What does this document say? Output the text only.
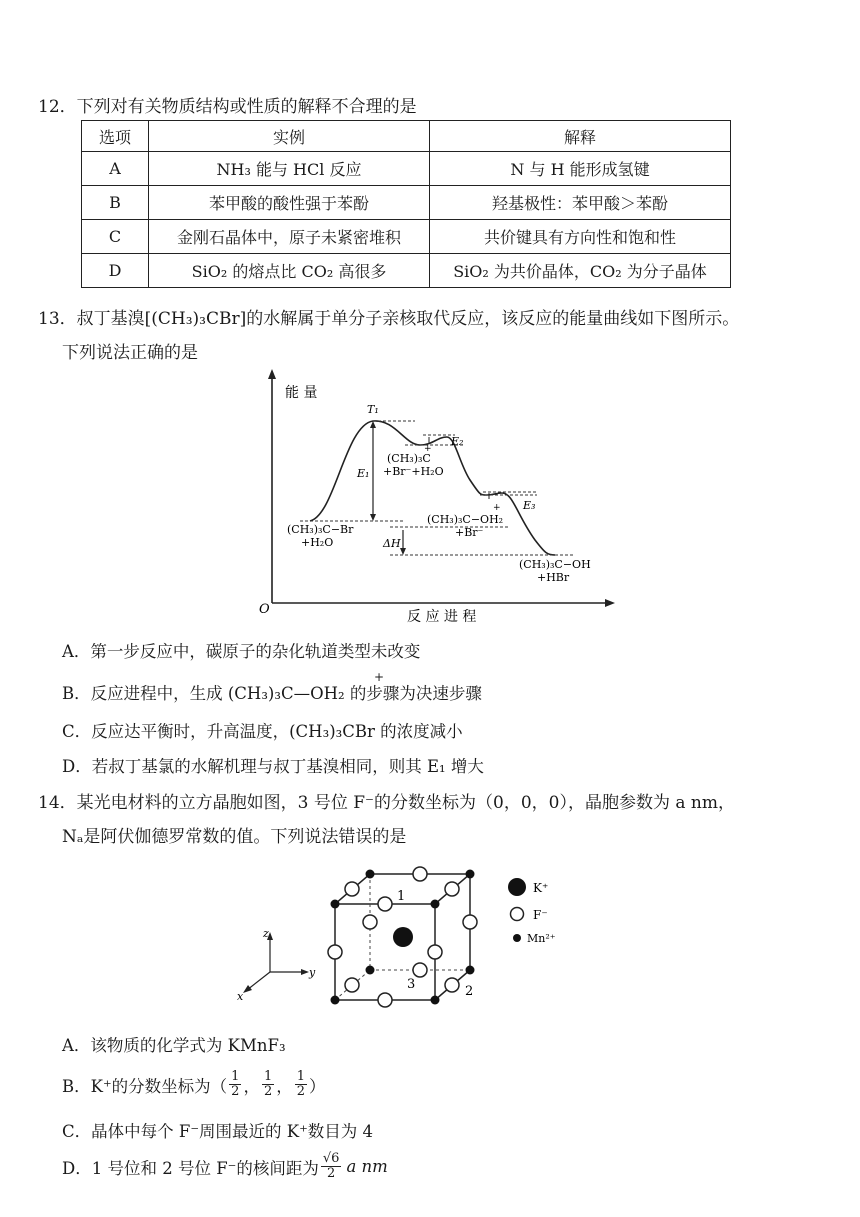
12．下列对有关物质结构或性质的解释不合理的是
选项	实例	解释
A	NH₃ 能与 HCl 反应	N 与 H 能形成氢键
B	苯甲酸的酸性强于苯酚	羟基极性：苯甲酸＞苯酚
C	金刚石晶体中，原子未紧密堆积	共价键具有方向性和饱和性
D	SiO₂ 的熔点比 CO₂ 高很多	SiO₂ 为共价晶体，CO₂ 为分子晶体
13．叔丁基溴[(CH₃)₃CBr]的水解属于单分子亲核取代反应，该反应的能量曲线如下图所示。
下列说法正确的是
能 量
反 应 进 程
O
T₁
E₁
E₂
E₃
ΔH
(CH₃)₃C−Br
+H₂O
+
(CH₃)₃C
+Br⁻+H₂O
+
(CH₃)₃C−OH₂
+Br⁻
(CH₃)₃C−OH
+HBr
A．第一步反应中，碳原子的杂化轨道类型未改变
B．反应进程中，生成 (CH₃)₃C—OH₂ 的步骤为决速步骤
+
C．反应达平衡时，升高温度，(CH₃)₃CBr 的浓度减小
D．若叔丁基氯的水解机理与叔丁基溴相同，则其 E₁ 增大
14．某光电材料的立方晶胞如图，3 号位 F⁻的分数坐标为（0，0，0），晶胞参数为 a nm，
Nₐ是阿伏伽德罗常数的值。下列说法错误的是
z
y
x
1
2
3
K⁺
F⁻
Mn²⁺
A．该物质的化学式为 KMnF₃
B．K⁺的分数坐标为（ $\frac{1}{2}$ ， $\frac{1}{2}$ ， $\frac{1}{2}$ ）
C．晶体中每个 F⁻周围最近的 K⁺数目为 4
D．1 号位和 2 号位 F⁻的核间距为 $\frac{√6}{2}$ a nm
